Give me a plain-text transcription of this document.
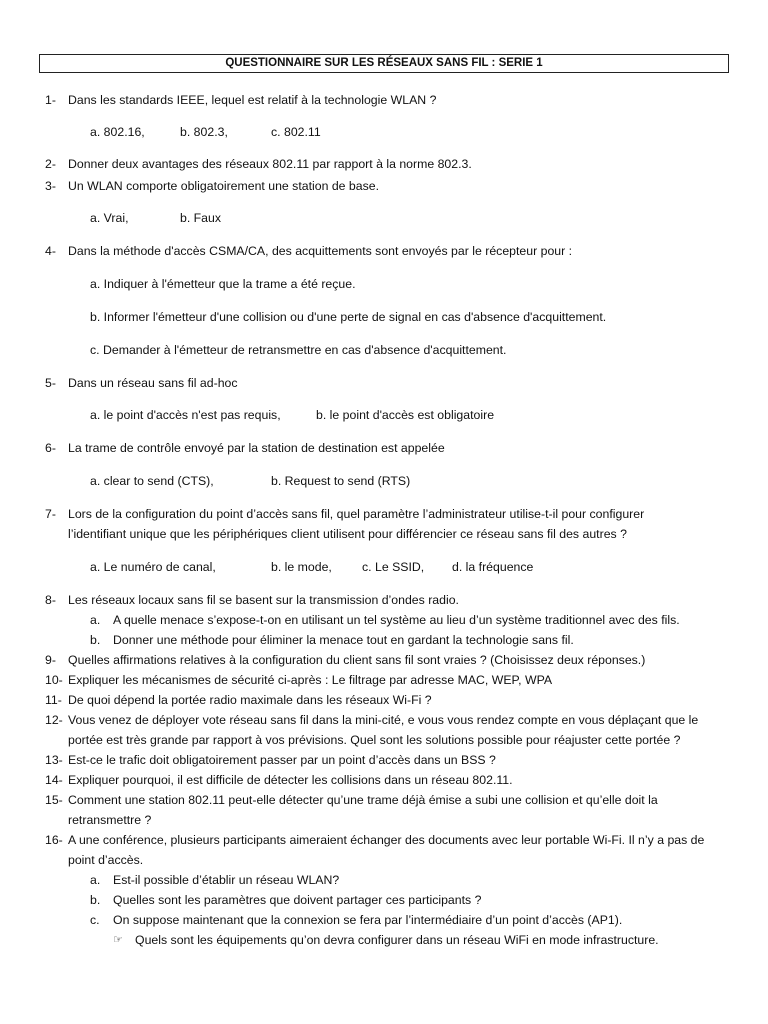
QUESTIONNAIRE SUR LES RÉSEAUX SANS FIL : SERIE 1
1- Dans les standards IEEE, lequel est relatif à la technologie WLAN ?
a. 802.16,	b. 802.3,	c. 802.11
2- Donner deux avantages des réseaux 802.11 par rapport à la norme 802.3.
3- Un WLAN comporte obligatoirement une station de base.
a. Vrai,	b. Faux
4- Dans la méthode d'accès CSMA/CA, des acquittements sont envoyés par le récepteur pour :
a. Indiquer à l'émetteur que la trame a été reçue.
b. Informer l'émetteur d'une collision ou d'une perte de signal en cas d'absence d'acquittement.
c. Demander à l'émetteur de retransmettre en cas d'absence d'acquittement.
5- Dans un réseau sans fil ad-hoc
a. le point d'accès n'est pas requis,	b. le point d'accès est obligatoire
6- La trame de contrôle envoyé par la station de destination est appelée
a. clear to send (CTS),	b. Request to send (RTS)
7- Lors de la configuration du point d’accès sans fil, quel paramètre l’administrateur utilise-t-il pour configurer
l’identifiant unique que les périphériques client utilisent pour différencier ce réseau sans fil des autres ?
a. Le numéro de canal,	b. le mode, c. Le SSID, d. la fréquence
8- Les réseaux locaux sans fil se basent sur la transmission d’ondes radio.
a. A quelle menace s’expose-t-on en utilisant un tel système au lieu d’un système traditionnel avec des fils.
b. Donner une méthode pour éliminer la menace tout en gardant la technologie sans fil.
9- Quelles affirmations relatives à la configuration du client sans fil sont vraies ? (Choisissez deux réponses.)
10- Expliquer les mécanismes de sécurité ci-après : Le filtrage par adresse MAC, WEP, WPA
11- De quoi dépend la portée radio maximale dans les réseaux Wi-Fi ?
12- Vous venez de déployer vote réseau sans fil dans la mini-cité, e vous vous rendez compte en vous déplaçant que le
portée est très grande par rapport à vos prévisions. Quel sont les solutions possible pour réajuster cette portée ?
13- Est-ce le trafic doit obligatoirement passer par un point d’accès dans un BSS ?
14- Expliquer pourquoi, il est difficile de détecter les collisions dans un réseau 802.11.
15- Comment une station 802.11 peut-elle détecter qu’une trame déjà émise a subi une collision et qu’elle doit la
retransmettre ?
16- A une conférence, plusieurs participants aimeraient échanger des documents avec leur portable Wi-Fi. Il n’y a pas de
point d’accès.
a. Est-il possible d’établir un réseau WLAN?
b. Quelles sont les paramètres que doivent partager ces participants ?
c. On suppose maintenant que la connexion se fera par l’intermédiaire d’un point d’accès (AP1).
☞ Quels sont les équipements qu’on devra configurer dans un réseau WiFi en mode infrastructure.
